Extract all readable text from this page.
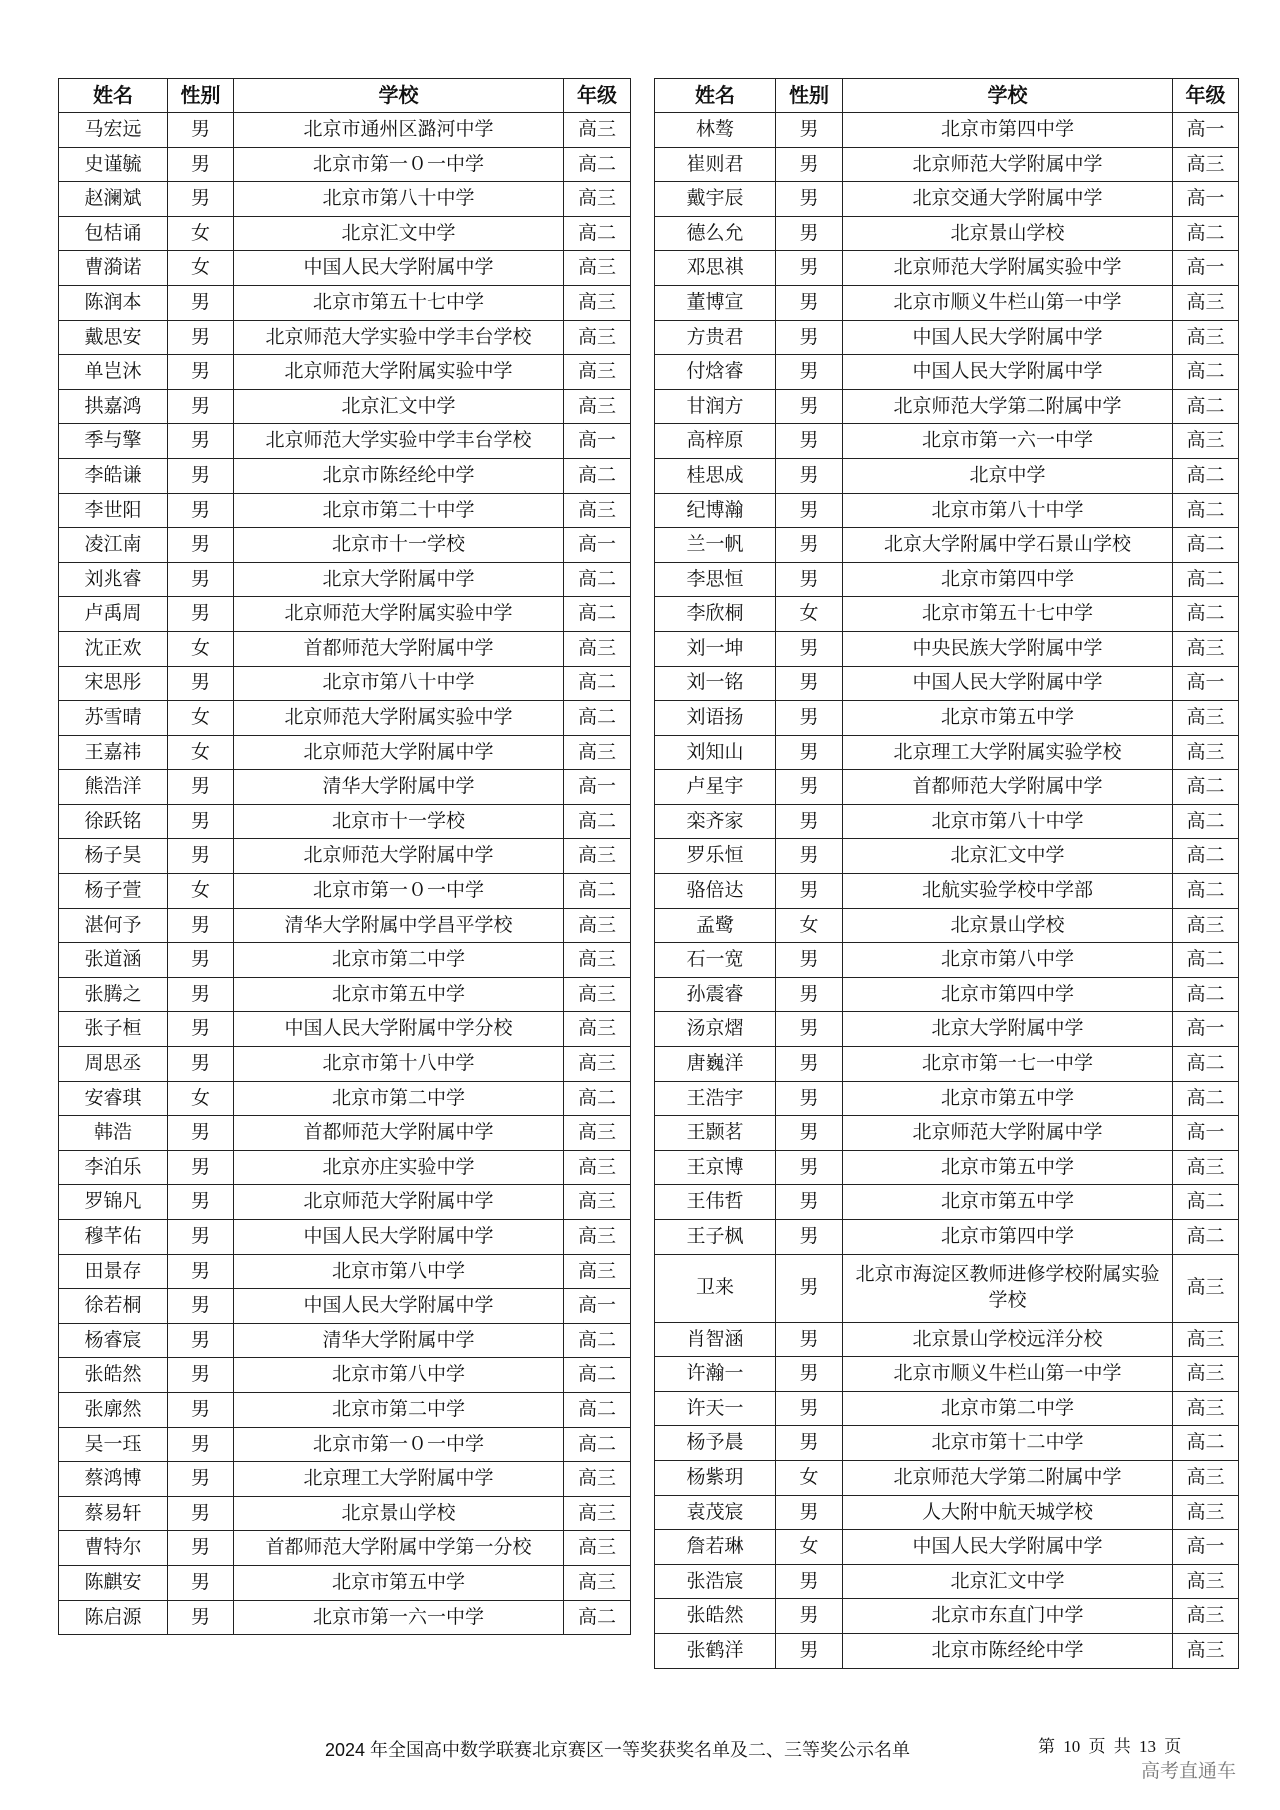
姓名	性别	学校	年级
马宏远	男	北京市通州区潞河中学	高三
史谨毓	男	北京市第一０一中学	高二
赵澜斌	男	北京市第八十中学	高三
包桔诵	女	北京汇文中学	高二
曹漪诺	女	中国人民大学附属中学	高三
陈润本	男	北京市第五十七中学	高三
戴思安	男	北京师范大学实验中学丰台学校	高三
单岂沐	男	北京师范大学附属实验中学	高三
拱嘉鸿	男	北京汇文中学	高三
季与擎	男	北京师范大学实验中学丰台学校	高一
李皓谦	男	北京市陈经纶中学	高二
李世阳	男	北京市第二十中学	高三
凌江南	男	北京市十一学校	高一
刘兆睿	男	北京大学附属中学	高二
卢禹周	男	北京师范大学附属实验中学	高二
沈正欢	女	首都师范大学附属中学	高三
宋思彤	男	北京市第八十中学	高二
苏雪晴	女	北京师范大学附属实验中学	高二
王嘉祎	女	北京师范大学附属中学	高三
熊浩洋	男	清华大学附属中学	高一
徐跃铭	男	北京市十一学校	高二
杨子昊	男	北京师范大学附属中学	高三
杨子萱	女	北京市第一０一中学	高二
湛何予	男	清华大学附属中学昌平学校	高三
张道涵	男	北京市第二中学	高三
张腾之	男	北京市第五中学	高三
张子桓	男	中国人民大学附属中学分校	高三
周思丞	男	北京市第十八中学	高三
安睿琪	女	北京市第二中学	高二
韩浩	男	首都师范大学附属中学	高三
李泊乐	男	北京亦庄实验中学	高三
罗锦凡	男	北京师范大学附属中学	高三
穆芊佑	男	中国人民大学附属中学	高三
田景存	男	北京市第八中学	高三
徐若桐	男	中国人民大学附属中学	高一
杨睿宸	男	清华大学附属中学	高二
张皓然	男	北京市第八中学	高二
张廓然	男	北京市第二中学	高二
吴一珏	男	北京市第一０一中学	高二
蔡鸿博	男	北京理工大学附属中学	高三
蔡易轩	男	北京景山学校	高三
曹特尔	男	首都师范大学附属中学第一分校	高三
陈麒安	男	北京市第五中学	高三
陈启源	男	北京市第一六一中学	高二
姓名	性别	学校	年级
林骜	男	北京市第四中学	高一
崔则君	男	北京师范大学附属中学	高三
戴宇辰	男	北京交通大学附属中学	高一
德么允	男	北京景山学校	高二
邓思祺	男	北京师范大学附属实验中学	高一
董博宣	男	北京市顺义牛栏山第一中学	高三
方贵君	男	中国人民大学附属中学	高三
付焓睿	男	中国人民大学附属中学	高二
甘润方	男	北京师范大学第二附属中学	高二
高梓原	男	北京市第一六一中学	高三
桂思成	男	北京中学	高二
纪博瀚	男	北京市第八十中学	高二
兰一帆	男	北京大学附属中学石景山学校	高二
李思恒	男	北京市第四中学	高二
李欣桐	女	北京市第五十七中学	高二
刘一坤	男	中央民族大学附属中学	高三
刘一铭	男	中国人民大学附属中学	高一
刘语扬	男	北京市第五中学	高三
刘知山	男	北京理工大学附属实验学校	高三
卢星宇	男	首都师范大学附属中学	高二
栾齐家	男	北京市第八十中学	高二
罗乐恒	男	北京汇文中学	高二
骆倍达	男	北航实验学校中学部	高二
孟鹭	女	北京景山学校	高三
石一宽	男	北京市第八中学	高二
孙震睿	男	北京市第四中学	高二
汤京熠	男	北京大学附属中学	高一
唐巍洋	男	北京市第一七一中学	高二
王浩宇	男	北京市第五中学	高二
王颢茗	男	北京师范大学附属中学	高一
王京博	男	北京市第五中学	高三
王伟哲	男	北京市第五中学	高二
王子枫	男	北京市第四中学	高二
卫来	男	北京市海淀区教师进修学校附属实验学校	高三
肖智涵	男	北京景山学校远洋分校	高三
许瀚一	男	北京市顺义牛栏山第一中学	高三
许天一	男	北京市第二中学	高三
杨予晨	男	北京市第十二中学	高二
杨紫玥	女	北京师范大学第二附属中学	高三
袁茂宸	男	人大附中航天城学校	高三
詹若琳	女	中国人民大学附属中学	高一
张浩宸	男	北京汇文中学	高三
张皓然	男	北京市东直门中学	高三
张鹤洋	男	北京市陈经纶中学	高三
2024 年全国高中数学联赛北京赛区一等奖获奖名单及二、三等奖公示名单	第 10 页 共 13 页
高考直通车
